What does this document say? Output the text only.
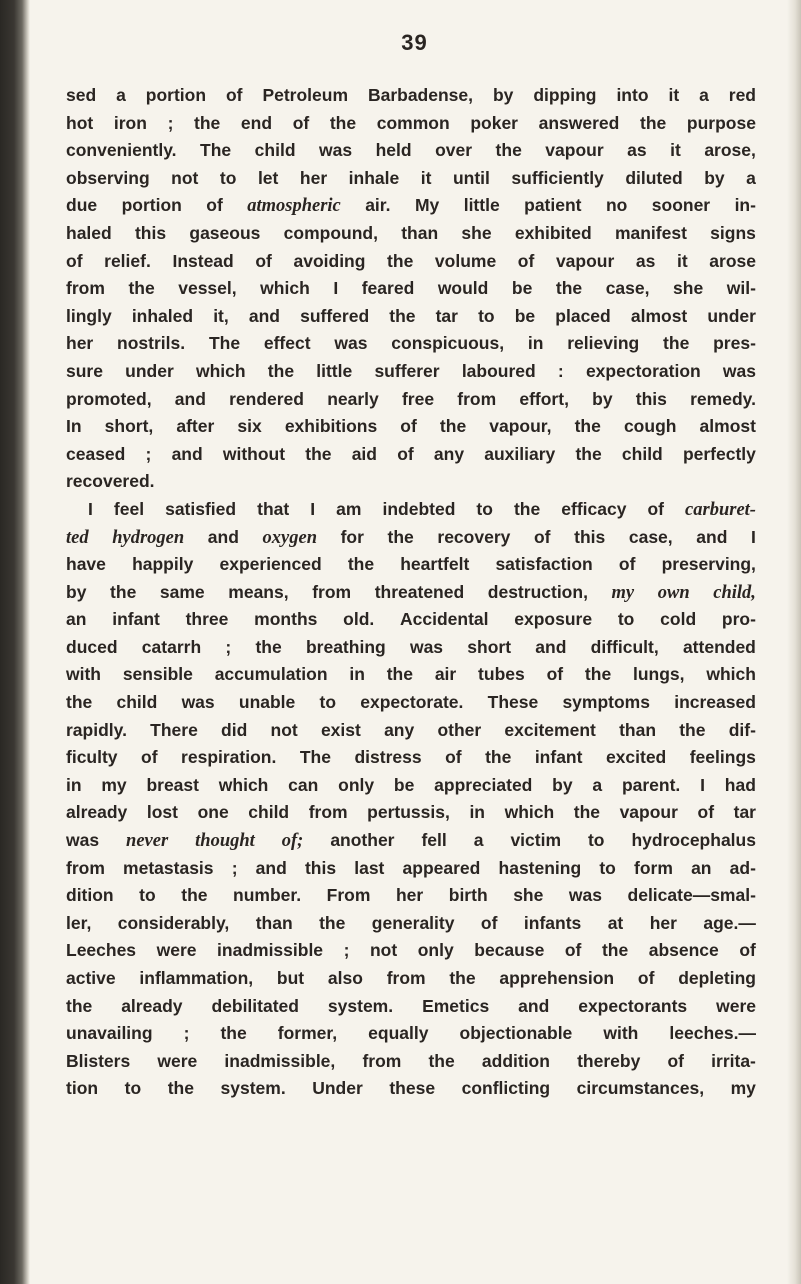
39
sed a portion of Petroleum Barbadense, by dipping into it a red
hot iron ; the end of the common poker answered the purpose
conveniently. The child was held over the vapour as it arose,
observing not to let her inhale it until sufficiently diluted by a
due portion of atmospheric air. My little patient no sooner in-
haled this gaseous compound, than she exhibited manifest signs
of relief. Instead of avoiding the volume of vapour as it arose
from the vessel, which I feared would be the case, she wil-
lingly inhaled it, and suffered the tar to be placed almost under
her nostrils. The effect was conspicuous, in relieving the pres-
sure under which the little sufferer laboured : expectoration was
promoted, and rendered nearly free from effort, by this remedy.
In short, after six exhibitions of the vapour, the cough almost
ceased ; and without the aid of any auxiliary the child perfectly
recovered.
I feel satisfied that I am indebted to the efficacy of carburet-
ted hydrogen and oxygen for the recovery of this case, and I
have happily experienced the heartfelt satisfaction of preserving,
by the same means, from threatened destruction, my own child,
an infant three months old. Accidental exposure to cold pro-
duced catarrh ; the breathing was short and difficult, attended
with sensible accumulation in the air tubes of the lungs, which
the child was unable to expectorate. These symptoms increased
rapidly. There did not exist any other excitement than the dif-
ficulty of respiration. The distress of the infant excited feelings
in my breast which can only be appreciated by a parent. I had
already lost one child from pertussis, in which the vapour of tar
was never thought of; another fell a victim to hydrocephalus
from metastasis ; and this last appeared hastening to form an ad-
dition to the number. From her birth she was delicate—smal-
ler, considerably, than the generality of infants at her age.—
Leeches were inadmissible ; not only because of the absence of
active inflammation, but also from the apprehension of depleting
the already debilitated system. Emetics and expectorants were
unavailing ; the former, equally objectionable with leeches.—
Blisters were inadmissible, from the addition thereby of irrita-
tion to the system. Under these conflicting circumstances, my
